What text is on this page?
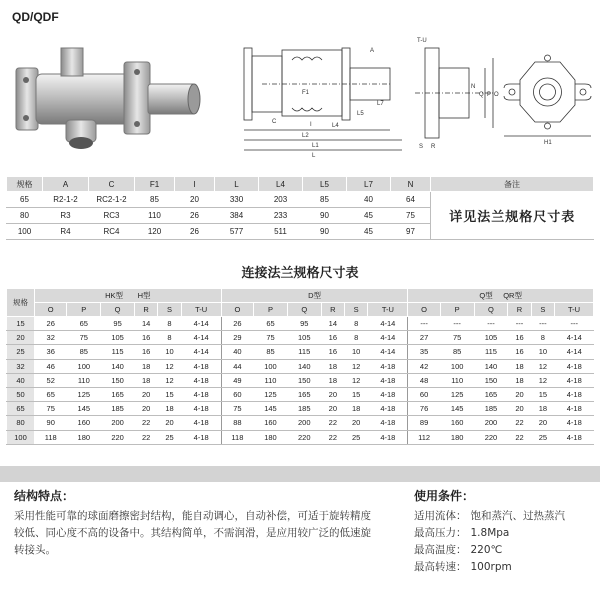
QD/QDF
A
C	I
F1
L2
L4
L5
L7
L1
L
T-U
N
Q P O
S R
H1
规格	A	C	F1	I	L	L4	L5	L7	N	备注
65	R2-1-2	RC2-1-2	85	20	330	203	85	40	64	详见法兰规格尺寸表
80	R3	RC3	110	26	384	233	90	45	75	
100	R4	RC4	120	26	577	511	90	45	97	
连接法兰规格尺寸表
规格	HK型 H型						D型						Q型 QR型					
	O	P	Q	R	S	T-U	O	P	Q	R	S	T-U	O	P	Q	R	S	T-U
15	26	65	95	14	8	4-14	26	65	95	14	8	4-14	---	---	---	---	---	---
20	32	75	105	16	8	4-14	29	75	105	16	8	4-14	27	75	105	16	8	4-14
25	36	85	115	16	10	4-14	40	85	115	16	10	4-14	35	85	115	16	10	4-14
32	46	100	140	18	12	4-18	44	100	140	18	12	4-18	42	100	140	18	12	4-18
40	52	110	150	18	12	4-18	49	110	150	18	12	4-18	48	110	150	18	12	4-18
50	65	125	165	20	15	4-18	60	125	165	20	15	4-18	60	125	165	20	15	4-18
65	75	145	185	20	18	4-18	75	145	185	20	18	4-18	76	145	185	20	18	4-18
80	90	160	200	22	20	4-18	88	160	200	22	20	4-18	89	160	200	22	20	4-18
100	118	180	220	22	25	4-18	118	180	220	22	25	4-18	112	180	220	22	25	4-18
结构特点：
采用性能可靠的球面磨擦密封结构，能自动调心，自动补偿，可适于旋转精度较低、同心度不高的设备中。其结构简单，不需润滑，是应用较广泛的低速旋转接头。
使用条件：
适用流体： 饱和蒸汽、过热蒸汽
最高压力： 1.8Mpa
最高温度： 220℃
最高转速： 100rpm
